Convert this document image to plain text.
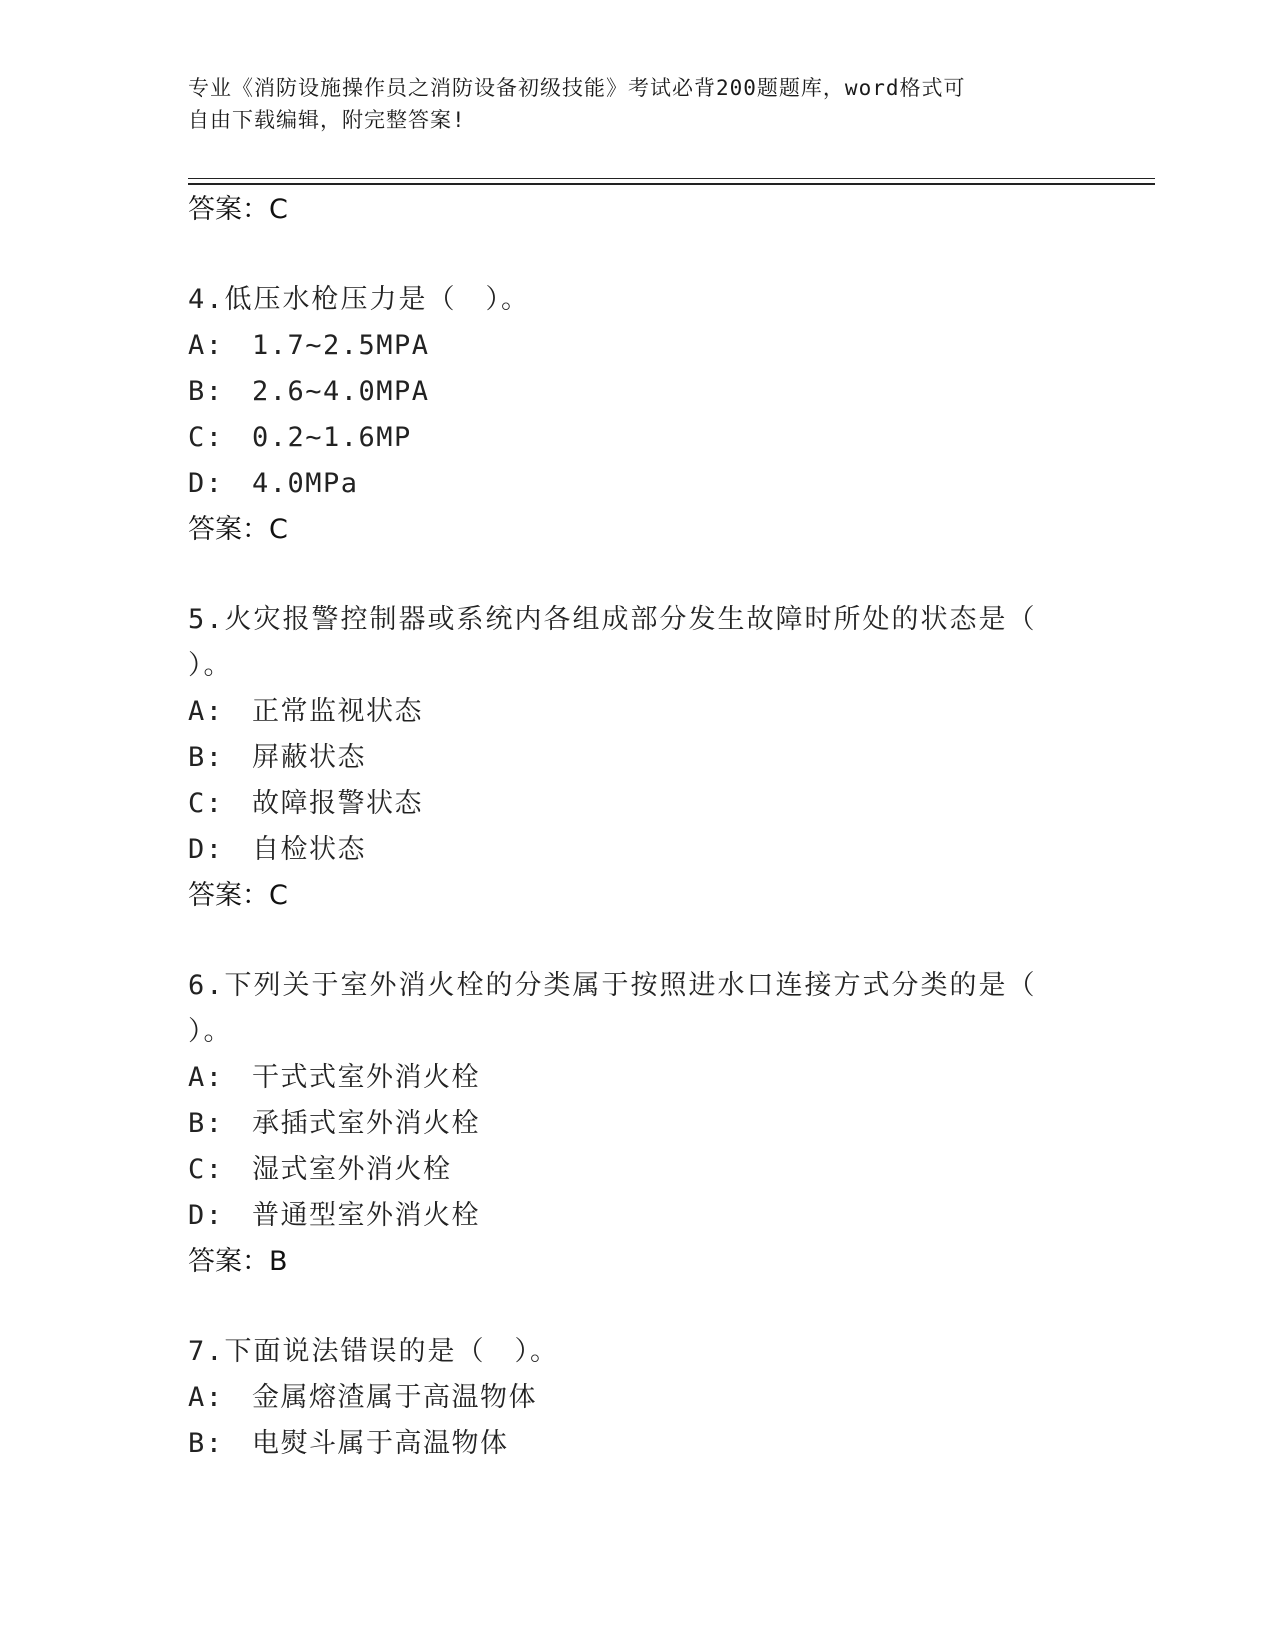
专业《消防设施操作员之消防设备初级技能》考试必背200题题库，word格式可
自由下载编辑，附完整答案!
答案：C
4.低压水枪压力是（　）。
A:　1.7~2.5MPA
B:　2.6~4.0MPA
C:　0.2~1.6MP
D:　4.0MPa
答案：C
5.火灾报警控制器或系统内各组成部分发生故障时所处的状态是（
）。
A:　正常监视状态
B:　屏蔽状态
C:　故障报警状态
D:　自检状态
答案：C
6.下列关于室外消火栓的分类属于按照进水口连接方式分类的是（
）。
A:　干式式室外消火栓
B:　承插式室外消火栓
C:　湿式室外消火栓
D:　普通型室外消火栓
答案：B
7.下面说法错误的是（　）。
A:　金属熔渣属于高温物体
B:　电熨斗属于高温物体
